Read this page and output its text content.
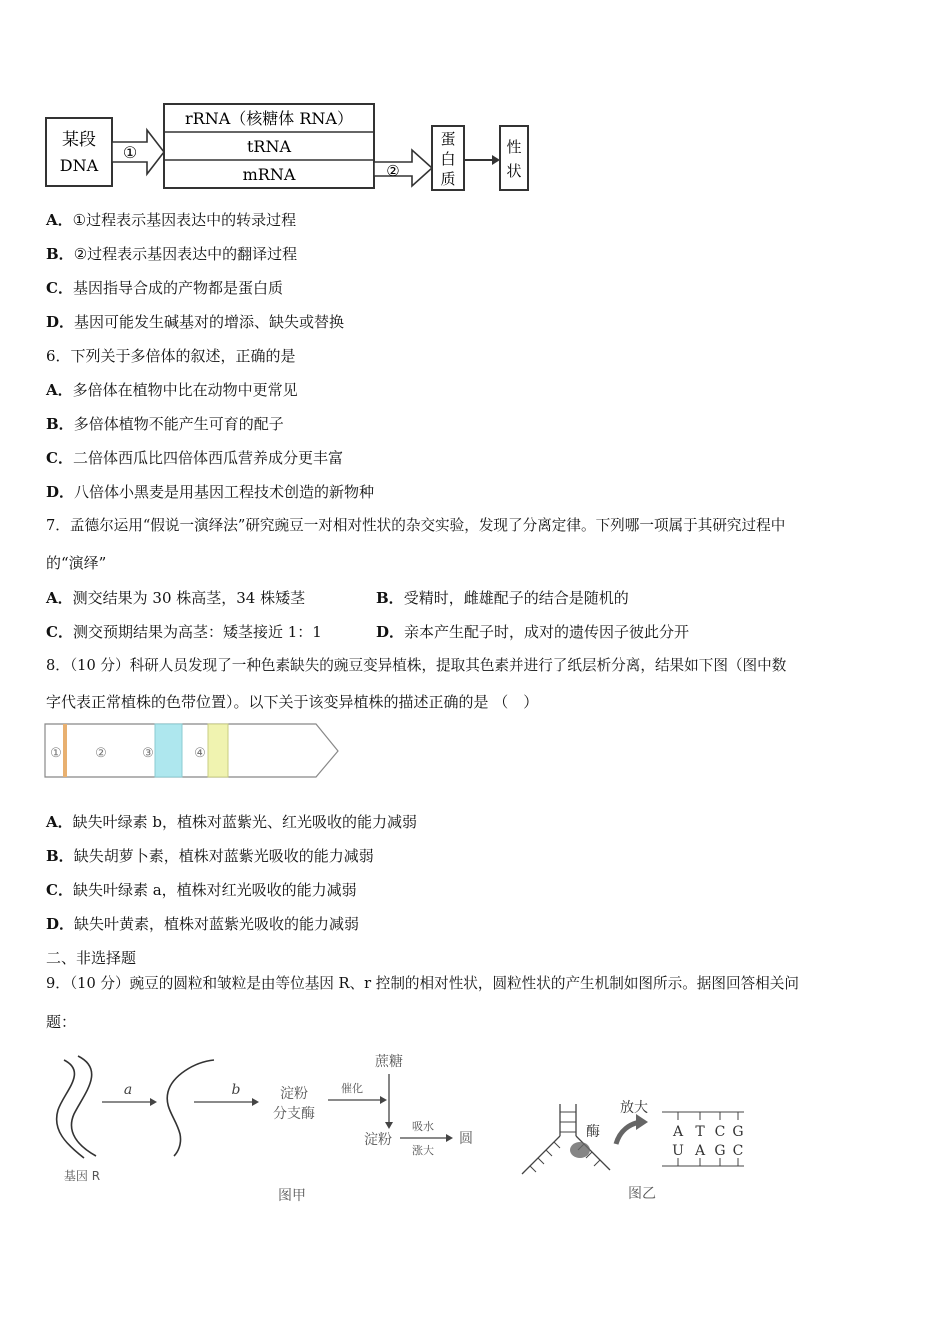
某段
DNA
①
rRNA（核糖体 RNA）
tRNA
mRNA	②
蛋
白
质
性
状
A．①过程表示基因表达中的转录过程
B．②过程表示基因表达中的翻译过程
C．基因指导合成的产物都是蛋白质
D．基因可能发生碱基对的增添、缺失或替换
6．下列关于多倍体的叙述，正确的是
A．多倍体在植物中比在动物中更常见
B．多倍体植物不能产生可育的配子
C．二倍体西瓜比四倍体西瓜营养成分更丰富
D．八倍体小黑麦是用基因工程技术创造的新物种
7．孟德尔运用“假说一演绎法”研究豌豆一对相对性状的杂交实验，发现了分离定律。下列哪一项属于其研究过程中
的“演绎”
A．测交结果为 30 株高茎，34 株矮茎	B．受精时，雌雄配子的结合是随机的
C．测交预期结果为高茎：矮茎接近 1：1	D．亲本产生配子时，成对的遗传因子彼此分开
8．（10 分）科研人员发现了一种色素缺失的豌豆变异植株，提取其色素并进行了纸层析分离，结果如下图（图中数
字代表正常植株的色带位置）。以下关于该变异植株的描述正确的是 （　）
①	②	③	④
A．缺失叶绿素 b，植株对蓝紫光、红光吸收的能力减弱
B．缺失胡萝卜素，植株对蓝紫光吸收的能力减弱
C．缺失叶绿素 a，植株对红光吸收的能力减弱
D．缺失叶黄素，植株对蓝紫光吸收的能力减弱
二、非选择题
9．（10 分）豌豆的圆粒和皱粒是由等位基因 R、r 控制的相对性状，圆粒性状的产生机制如图所示。据图回答相关问
题：
基因 R
a	b	淀粉
分支酶
催化
蔗糖
淀粉
吸水
涨大
圆
图甲
酶
放大
A T C G
U A G C
图乙
